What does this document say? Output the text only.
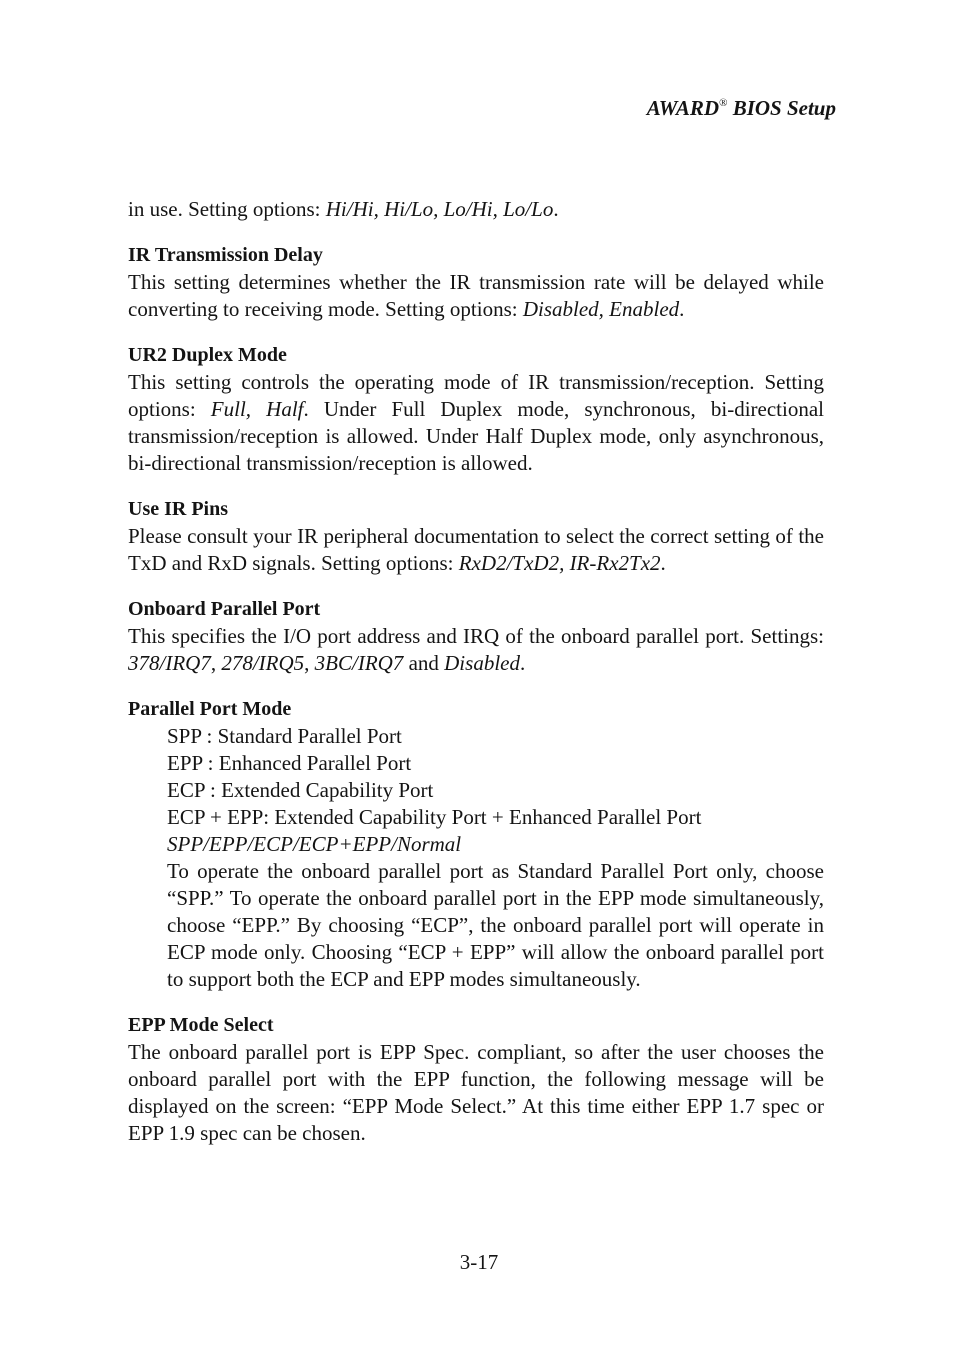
AWARD® BIOS Setup

in use. Setting options: Hi/Hi, Hi/Lo, Lo/Hi, Lo/Lo.

IR Transmission Delay

This setting determines whether the IR transmission rate will be delayed while converting to receiving mode. Setting options: Disabled, Enabled.

UR2 Duplex Mode

This setting controls the operating mode of IR transmission/reception. Setting options: Full, Half. Under Full Duplex mode, synchronous, bi-directional transmission/reception is allowed. Under Half Duplex mode, only asynchronous, bi-directional transmission/reception is allowed.

Use IR Pins

Please consult your IR peripheral documentation to select the correct setting of the TxD and RxD signals. Setting options: RxD2/TxD2, IR-Rx2Tx2.

Onboard Parallel Port

This specifies the I/O port address and IRQ of the onboard parallel port. Settings: 378/IRQ7, 278/IRQ5, 3BC/IRQ7 and Disabled.

Parallel Port Mode

SPP : Standard Parallel Port

EPP : Enhanced Parallel Port

ECP : Extended Capability Port

ECP + EPP: Extended Capability Port + Enhanced Parallel Port

SPP/EPP/ECP/ECP+EPP/Normal

To operate the onboard parallel port as Standard Parallel Port only, choose “SPP.” To operate the onboard parallel port in the EPP mode simultaneously, choose “EPP.” By choosing “ECP”, the onboard parallel port will operate in ECP mode only. Choosing “ECP + EPP” will allow the onboard parallel port to support both the ECP and EPP modes simultaneously.

EPP Mode Select

The onboard parallel port is EPP Spec. compliant, so after the user chooses the onboard parallel port with the EPP function, the following message will be displayed on the screen: “EPP Mode Select.” At this time either EPP 1.7 spec or EPP 1.9 spec can be chosen.

3-17
